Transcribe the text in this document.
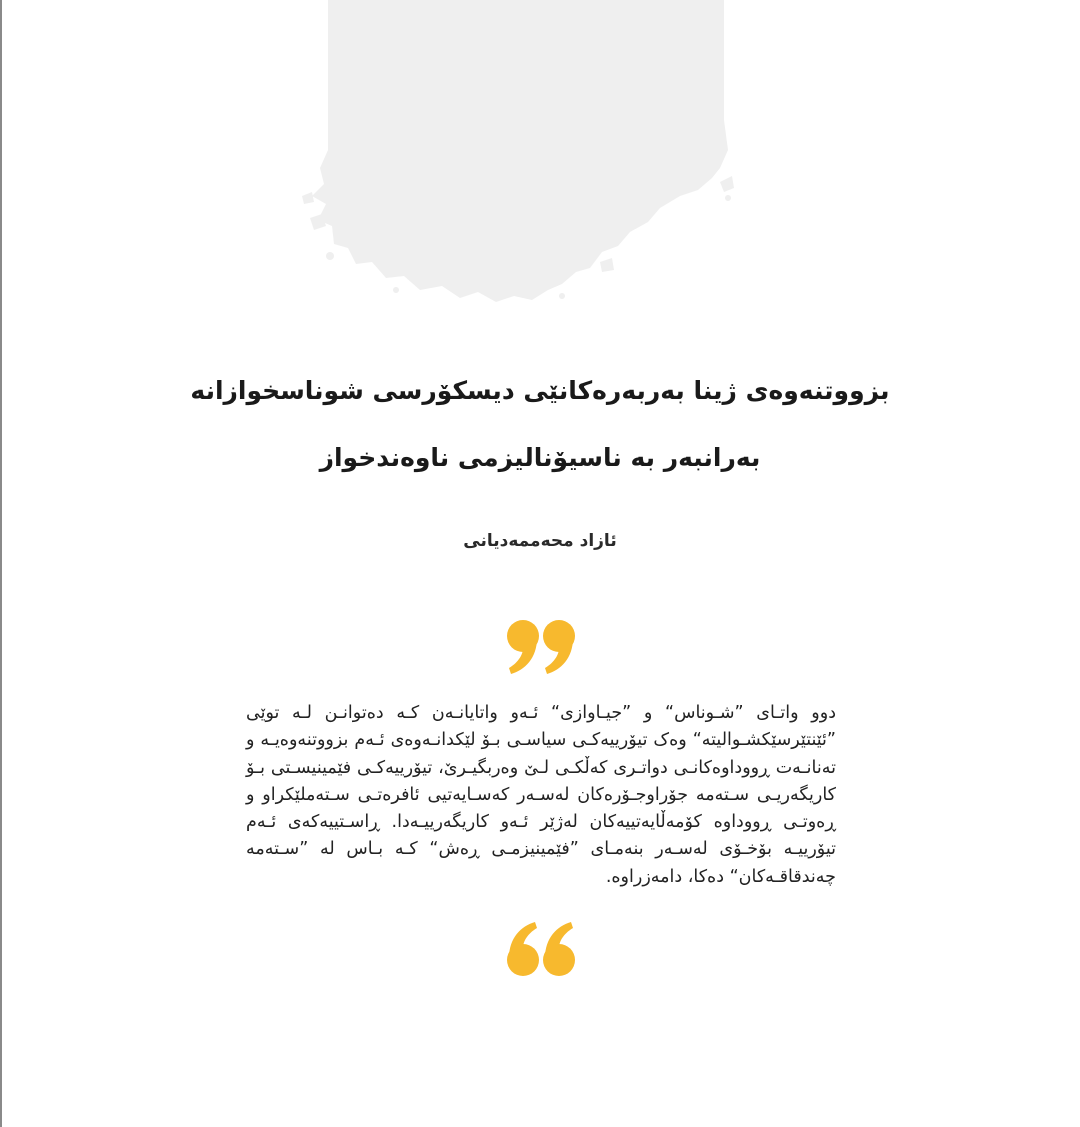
بزووتنەوەی ژینا بەربەرەکانێی دیسکۆرسی شوناسخوازانە
بەرانبەر بە ناسیۆنالیزمی ناوەندخواز

ئازاد محەممەدیانی

دوو واتـای ”شـوناس“ و ”جیـاوازی“ ئـەو واتایانـەن کـە دەتوانـن لـە توێی ”ئێنتێرسێکشـوالیتە“ وەک تیۆرییەکـی سیاسـی بـۆ لێکدانـەوەی ئـەم بزووتنەوەیـە و تەنانـەت ڕووداوەکانـی دواتـری کەڵکـی لـێ وەربگیـرێ، تیۆرییەکـی فێمینیسـتی بـۆ کاریگەریـی سـتەمە جۆراوجـۆرەکان لەسـەر کەسـایەتیی ئافرەتـی سـتەملێکراو و ڕەوتـی ڕووداوە کۆمەڵایەتییەکان لەژێر ئـەو کاریگەرییـەدا. ڕاسـتییەکەی ئـەم تیۆرییـە بۆخـۆی لەسـەر بنەمـای ”فێمینیزمـی ڕەش“ کـە بـاس لە ”سـتەمە چەندقاقـەکان“ دەکا، دامەزراوە.
